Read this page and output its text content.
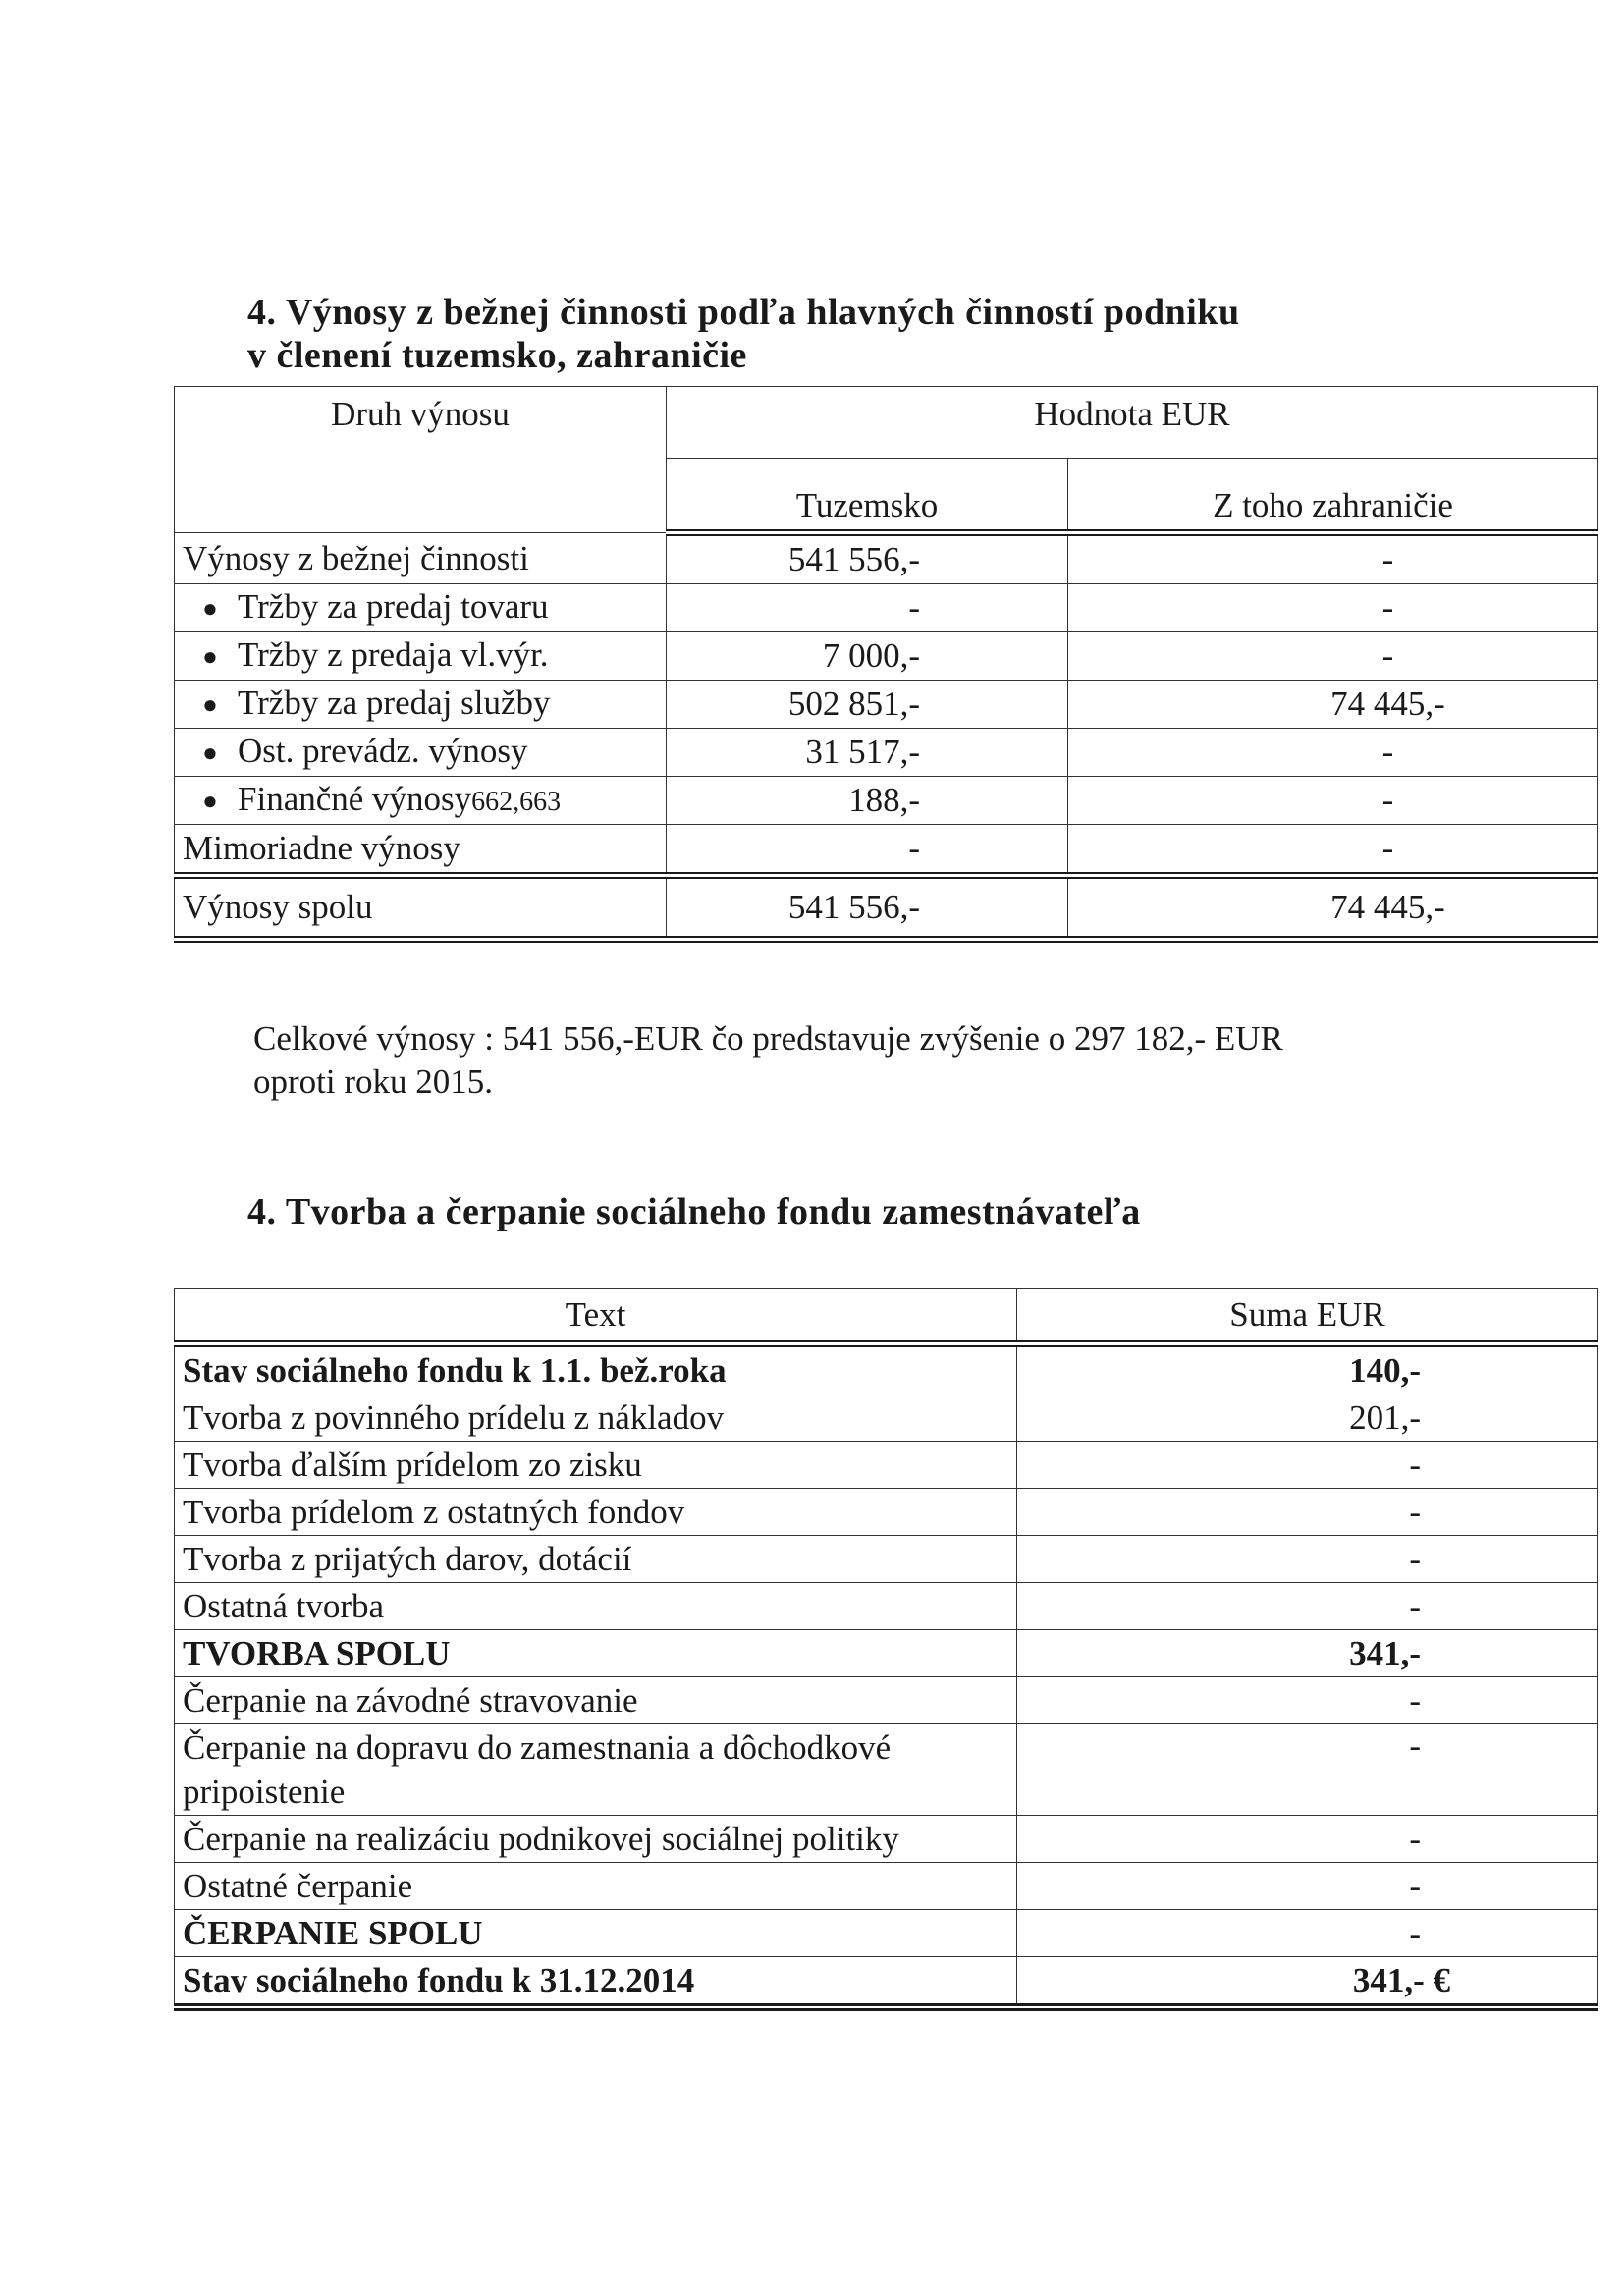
4. Výnosy z bežnej činnosti podľa hlavných činností podniku
v členení tuzemsko, zahraničie
Druh výnosu	Hodnota EUR	
	Tuzemsko	Z toho zahraničie
Výnosy z bežnej činnosti	541 556,-	-
● Tržby za predaj tovaru	-	-
● Tržby z predaja vl.výr.	7 000,-	-
● Tržby za predaj služby	502 851,-	74 445,-
● Ost. prevádz. výnosy	31 517,-	-
● Finančné výnosy662,663	188,-	-
Mimoriadne výnosy	-	-
Výnosy spolu	541 556,-	74 445,-

Celkové výnosy : 541 556,-EUR čo predstavuje zvýšenie o 297 182,- EUR
oproti roku 2015.

4. Tvorba a čerpanie sociálneho fondu zamestnávateľa
Text	Suma EUR
Stav sociálneho fondu k 1.1. bež.roka	140,-
Tvorba z povinného prídelu z nákladov	201,-
Tvorba ďalším prídelom zo zisku	-
Tvorba prídelom z ostatných fondov	-
Tvorba z prijatých darov, dotácií	-
Ostatná tvorba	-
TVORBA SPOLU	341,-
Čerpanie na závodné stravovanie	-
Čerpanie na dopravu do zamestnania a dôchodkové pripoistenie	-
Čerpanie na realizáciu podnikovej sociálnej politiky	-
Ostatné čerpanie	-
ČERPANIE SPOLU	-
Stav sociálneho fondu k 31.12.2014	341,- €
